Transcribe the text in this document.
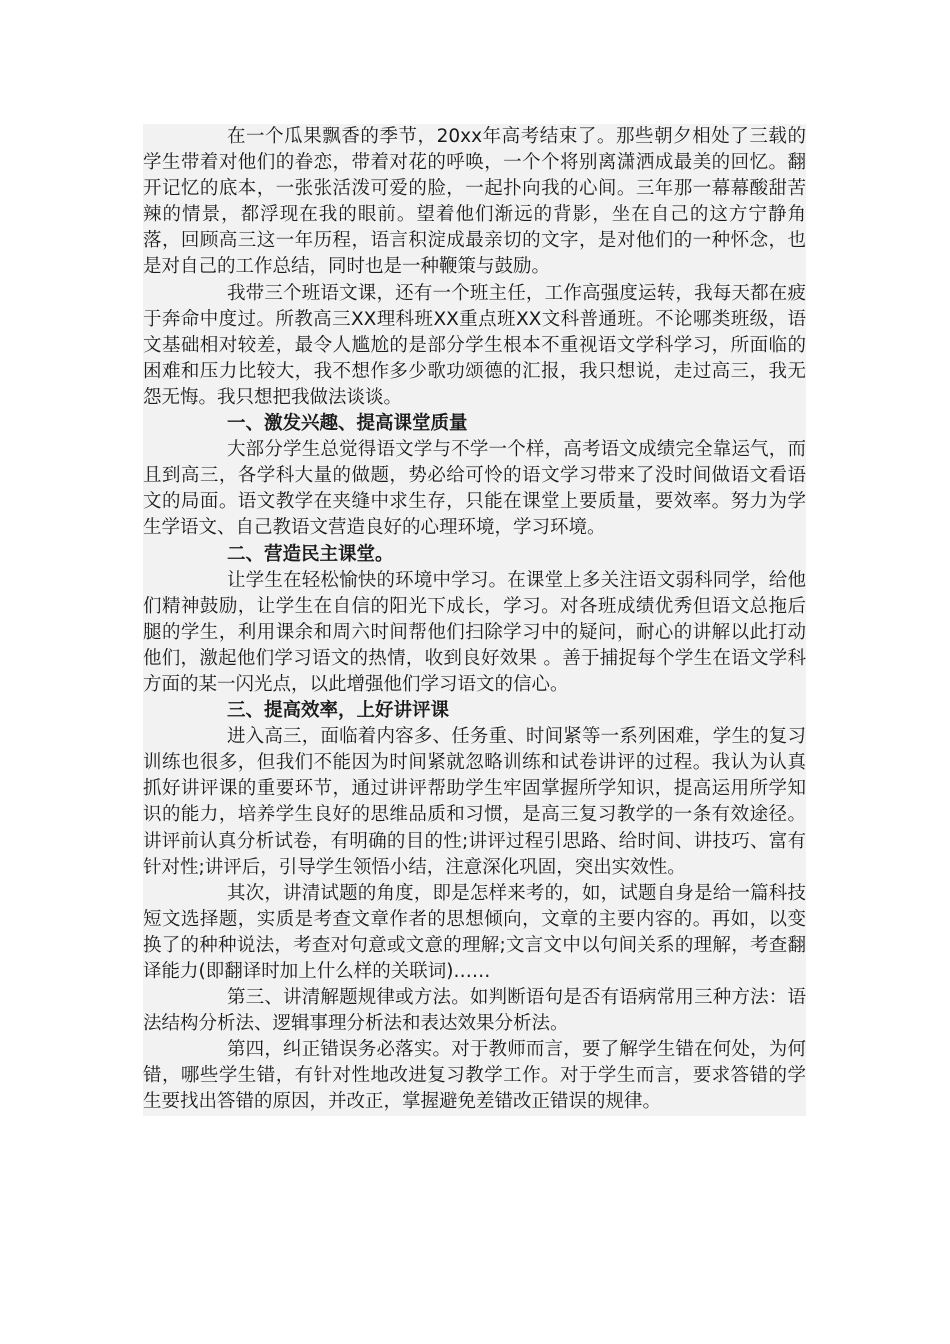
在一个瓜果飘香的季节，20xx年高考结束了。那些朝夕相处了三载的学生带着对他们的眷恋，带着对花的呼唤，一个个将别离潇洒成最美的回忆。翻开记忆的底本，一张张活泼可爱的脸，一起扑向我的心间。三年那一幕幕酸甜苦辣的情景，都浮现在我的眼前。望着他们渐远的背影，坐在自己的这方宁静角落，回顾高三这一年历程，语言积淀成最亲切的文字，是对他们的一种怀念，也是对自己的工作总结，同时也是一种鞭策与鼓励。

我带三个班语文课，还有一个班主任，工作高强度运转，我每天都在疲于奔命中度过。所教高三XX理科班XX重点班XX文科普通班。不论哪类班级，语文基础相对较差，最令人尴尬的是部分学生根本不重视语文学科学习，所面临的困难和压力比较大，我不想作多少歌功颂德的汇报，我只想说，走过高三，我无怨无悔。我只想把我做法谈谈。

一、激发兴趣、提高课堂质量

大部分学生总觉得语文学与不学一个样，高考语文成绩完全靠运气，而且到高三，各学科大量的做题，势必给可怜的语文学习带来了没时间做语文看语文的局面。语文教学在夹缝中求生存，只能在课堂上要质量，要效率。努力为学生学语文、自己教语文营造良好的心理环境，学习环境。

二、营造民主课堂。

让学生在轻松愉快的环境中学习。在课堂上多关注语文弱科同学，给他们精神鼓励，让学生在自信的阳光下成长，学习。对各班成绩优秀但语文总拖后腿的学生，利用课余和周六时间帮他们扫除学习中的疑问，耐心的讲解以此打动他们，激起他们学习语文的热情，收到良好效果 。善于捕捉每个学生在语文学科方面的某一闪光点，以此增强他们学习语文的信心。

三、提高效率，上好讲评课

进入高三，面临着内容多、任务重、时间紧等一系列困难，学生的复习训练也很多，但我们不能因为时间紧就忽略训练和试卷讲评的过程。我认为认真抓好讲评课的重要环节，通过讲评帮助学生牢固掌握所学知识，提高运用所学知识的能力，培养学生良好的思维品质和习惯，是高三复习教学的一条有效途径。讲评前认真分析试卷，有明确的目的性;讲评过程引思路、给时间、讲技巧、富有针对性;讲评后，引导学生领悟小结，注意深化巩固，突出实效性。

其次，讲清试题的角度，即是怎样来考的，如，试题自身是给一篇科技短文选择题，实质是考查文章作者的思想倾向，文章的主要内容的。再如，以变换了的种种说法，考查对句意或文意的理解;文言文中以句间关系的理解，考查翻译能力(即翻译时加上什么样的关联词)……

第三、讲清解题规律或方法。如判断语句是否有语病常用三种方法：语法结构分析法、逻辑事理分析法和表达效果分析法。

第四，纠正错误务必落实。对于教师而言，要了解学生错在何处，为何错，哪些学生错，有针对性地改进复习教学工作。对于学生而言，要求答错的学生要找出答错的原因，并改正，掌握避免差错改正错误的规律。
